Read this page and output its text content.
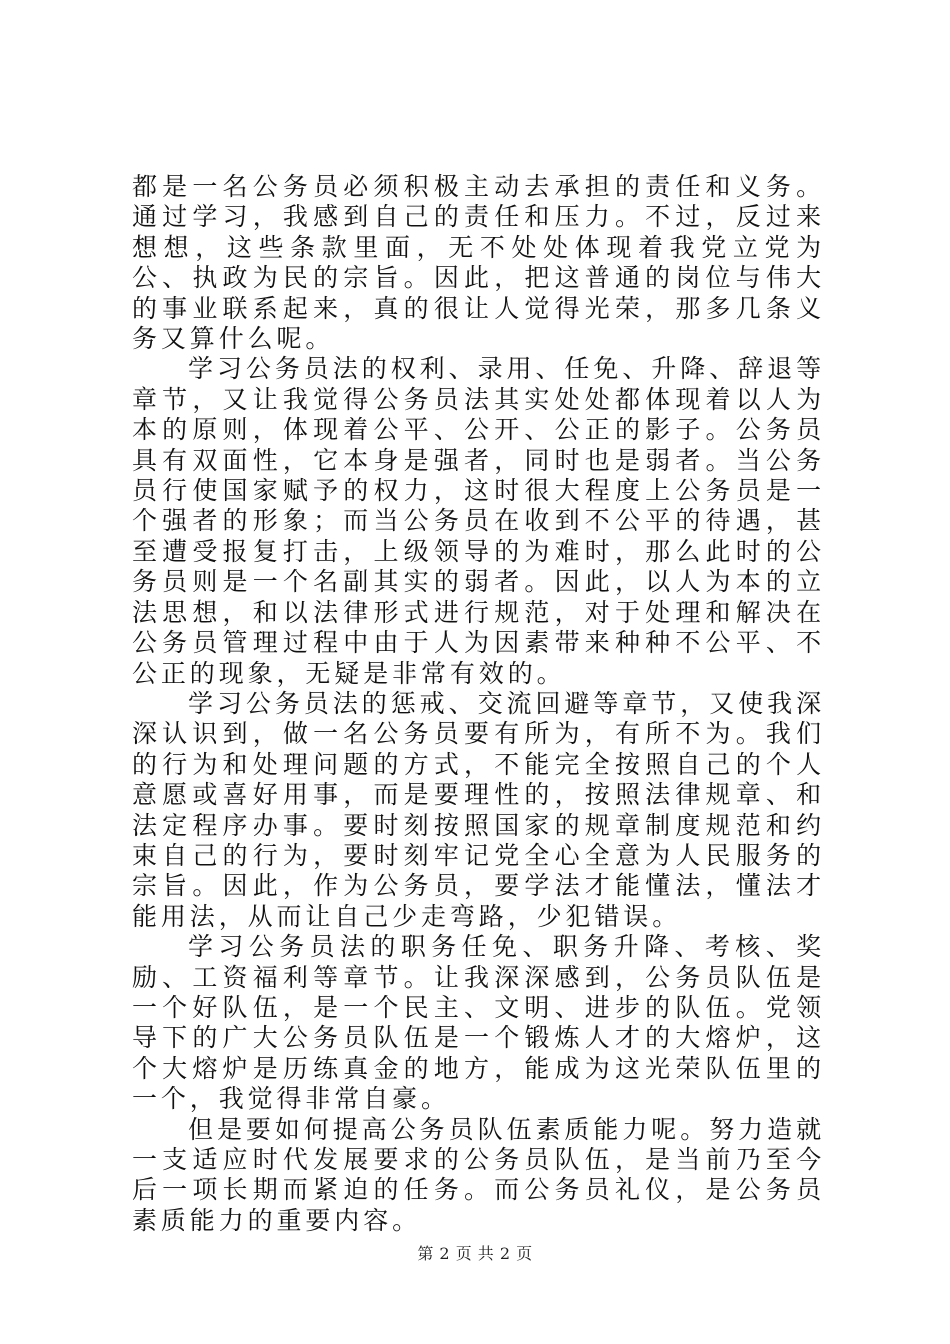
都是一名公务员必须积极主动去承担的责任和义务。通过学习，我感到自己的责任和压力。不过，反过来想想，这些条款里面，无不处处体现着我党立党为公、执政为民的宗旨。因此，把这普通的岗位与伟大的事业联系起来，真的很让人觉得光荣，那多几条义务又算什么呢。

学习公务员法的权利、录用、任免、升降、辞退等章节，又让我觉得公务员法其实处处都体现着以人为本的原则，体现着公平、公开、公正的影子。公务员具有双面性，它本身是强者，同时也是弱者。当公务员行使国家赋予的权力，这时很大程度上公务员是一个强者的形象；而当公务员在收到不公平的待遇，甚至遭受报复打击，上级领导的为难时，那么此时的公务员则是一个名副其实的弱者。因此，以人为本的立法思想，和以法律形式进行规范，对于处理和解决在公务员管理过程中由于人为因素带来种种不公平、不公正的现象，无疑是非常有效的。

学习公务员法的惩戒、交流回避等章节，又使我深深认识到，做一名公务员要有所为，有所不为。我们的行为和处理问题的方式，不能完全按照自己的个人意愿或喜好用事，而是要理性的，按照法律规章、和法定程序办事。要时刻按照国家的规章制度规范和约束自己的行为，要时刻牢记党全心全意为人民服务的宗旨。因此，作为公务员，要学法才能懂法，懂法才能用法，从而让自己少走弯路，少犯错误。

学习公务员法的职务任免、职务升降、考核、奖励、工资福利等章节。让我深深感到，公务员队伍是一个好队伍，是一个民主、文明、进步的队伍。党领导下的广大公务员队伍是一个锻炼人才的大熔炉，这个大熔炉是历练真金的地方，能成为这光荣队伍里的一个，我觉得非常自豪。

但是要如何提高公务员队伍素质能力呢。努力造就一支适应时代发展要求的公务员队伍，是当前乃至今后一项长期而紧迫的任务。而公务员礼仪，是公务员素质能力的重要内容。

第 2 页 共 2 页
